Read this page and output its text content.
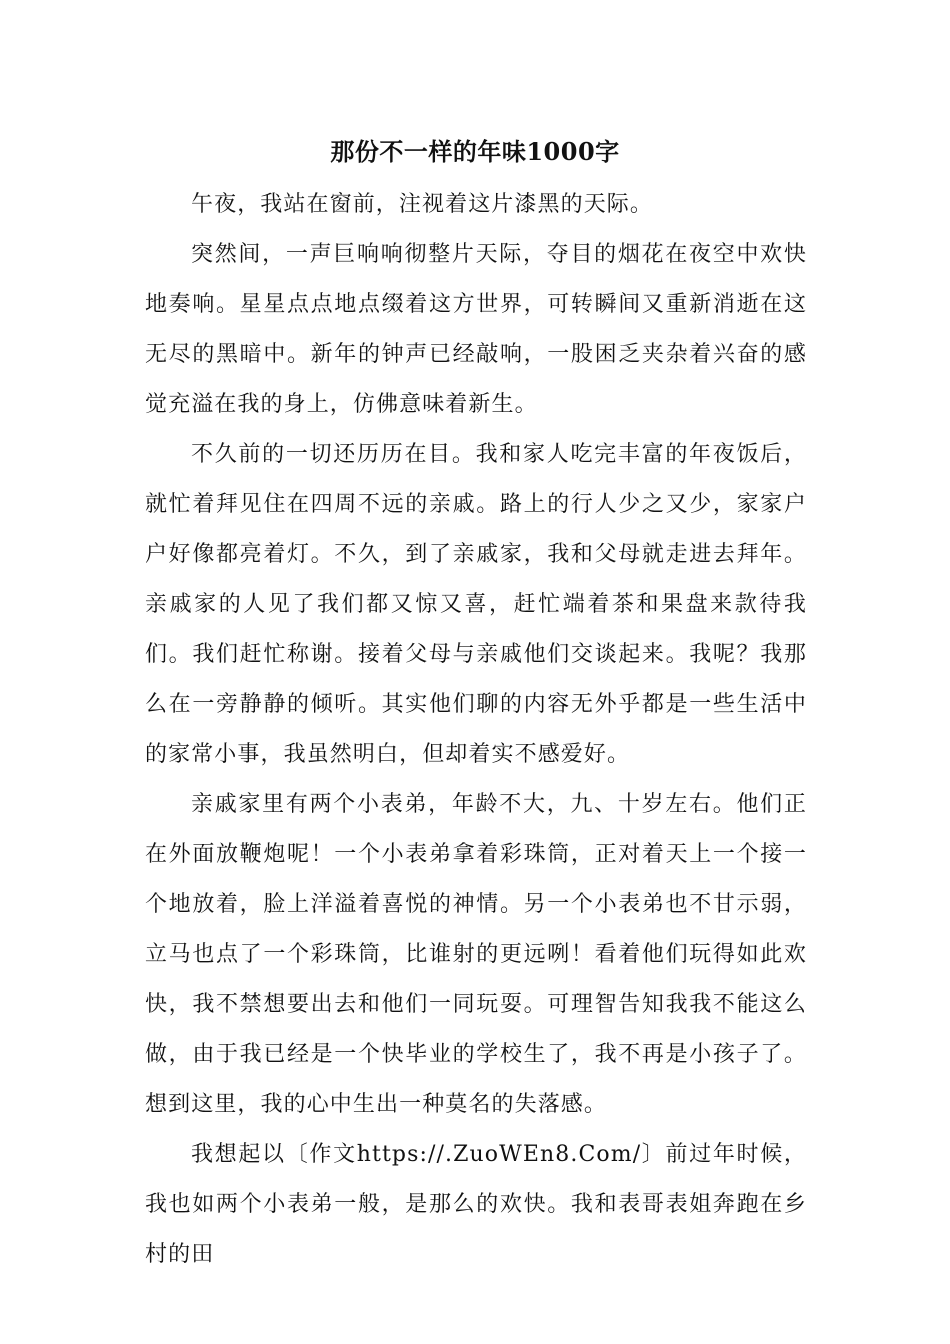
那份不一样的年味1000字

午夜，我站在窗前，注视着这片漆黑的天际。

突然间，一声巨响响彻整片天际，夺目的烟花在夜空中欢快地奏响。星星点点地点缀着这方世界，可转瞬间又重新消逝在这无尽的黑暗中。新年的钟声已经敲响，一股困乏夹杂着兴奋的感觉充溢在我的身上，仿佛意味着新生。

不久前的一切还历历在目。我和家人吃完丰富的年夜饭后，就忙着拜见住在四周不远的亲戚。路上的行人少之又少，家家户户好像都亮着灯。不久，到了亲戚家，我和父母就走进去拜年。亲戚家的人见了我们都又惊又喜，赶忙端着茶和果盘来款待我们。我们赶忙称谢。接着父母与亲戚他们交谈起来。我呢？我那么在一旁静静的倾听。其实他们聊的内容无外乎都是一些生活中的家常小事，我虽然明白，但却着实不感爱好。

亲戚家里有两个小表弟，年龄不大，九、十岁左右。他们正在外面放鞭炮呢！一个小表弟拿着彩珠筒，正对着天上一个接一个地放着，脸上洋溢着喜悦的神情。另一个小表弟也不甘示弱，立马也点了一个彩珠筒，比谁射的更远咧！看着他们玩得如此欢快，我不禁想要出去和他们一同玩耍。可理智告知我我不能这么做，由于我已经是一个快毕业的学校生了，我不再是小孩子了。想到这里，我的心中生出一种莫名的失落感。

我想起以〔作文https://.ZuoWEn8.Com/〕前过年时候，我也如两个小表弟一般，是那么的欢快。我和表哥表姐奔跑在乡村的田
